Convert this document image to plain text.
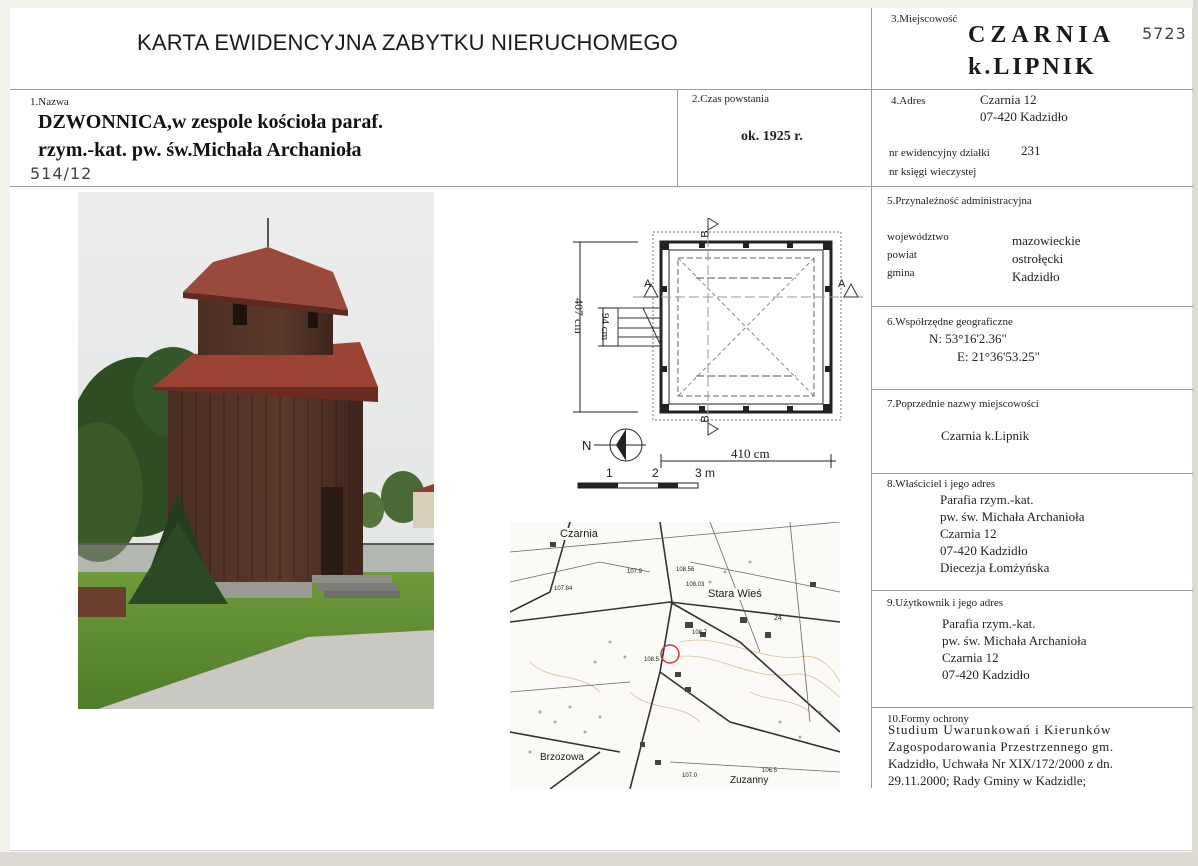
KARTA EWIDENCYJNA ZABYTKU NIERUCHOMEGO
3.Miejscowość
CZARNIA
k.LIPNIK
5723
1.Nazwa
DZWONNICA,w zespole kościoła paraf.
rzym.-kat. pw. św.Michała Archanioła
514/12
2.Czas powstania
ok. 1925 r.
4.Adres	Czarnia 12
07-420 Kadzidło
nr ewidencyjny działki 231
nr księgi wieczystej
5.Przynależność administracyjna
województwo	mazowieckie
powiat	ostrołęcki
gmina	Kadzidło
6.Współrzędne geograficzne
N: 53°16'2.36"
E: 21°36'53.25"
7.Poprzednie nazwy miejscowości
Czarnia k.Lipnik
8.Właściciel i jego adres
Parafia rzym.-kat.
pw. św. Michała Archanioła
Czarnia 12
07-420 Kadzidło
Diecezja Łomżyńska
9.Użytkownik i jego adres
Parafia rzym.-kat.
pw. św. Michała Archanioła
Czarnia 12
07-420 Kadzidło
10.Formy ochrony
Studium Uwarunkowań i Kierunków
Zagospodarowania Przestrzennego gm.
Kadzidło, Uchwała Nr XIX/172/2000 z dn.
29.11.2000; Rady Gminy w Kadzidle;
407 cm 94 cm
410 cm
A	A
B
B
N
1	2	3 m
Czarnia
Stara Wieś
Brzozowa
Zuzanny
107.9	108.56
108.03
107.84
108.7
108.5
107.0
106.5
24
